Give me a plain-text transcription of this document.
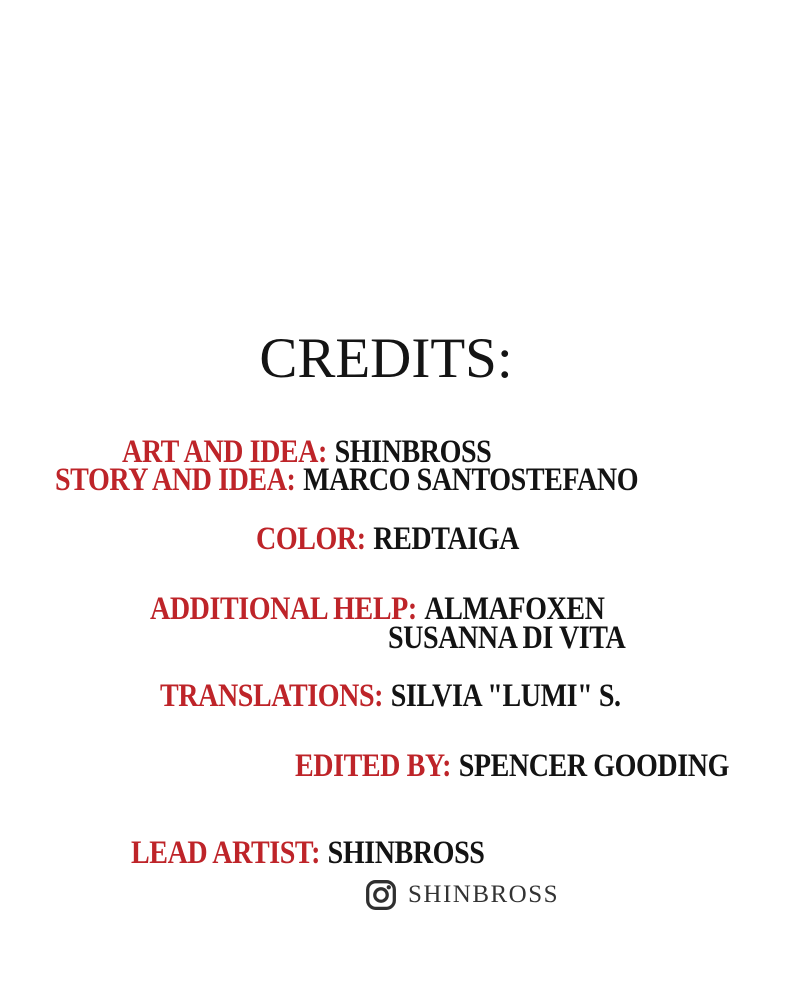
CREDITS:
ART AND IDEA: SHINBROSS
STORY AND IDEA: MARCO SANTOSTEFANO
COLOR: REDTAIGA
ADDITIONAL HELP: ALMAFOXEN
SUSANNA DI VITA
TRANSLATIONS: SILVIA "LUMI" S.
EDITED BY: SPENCER GOODING
LEAD ARTIST: SHINBROSS
SHINBROSS
